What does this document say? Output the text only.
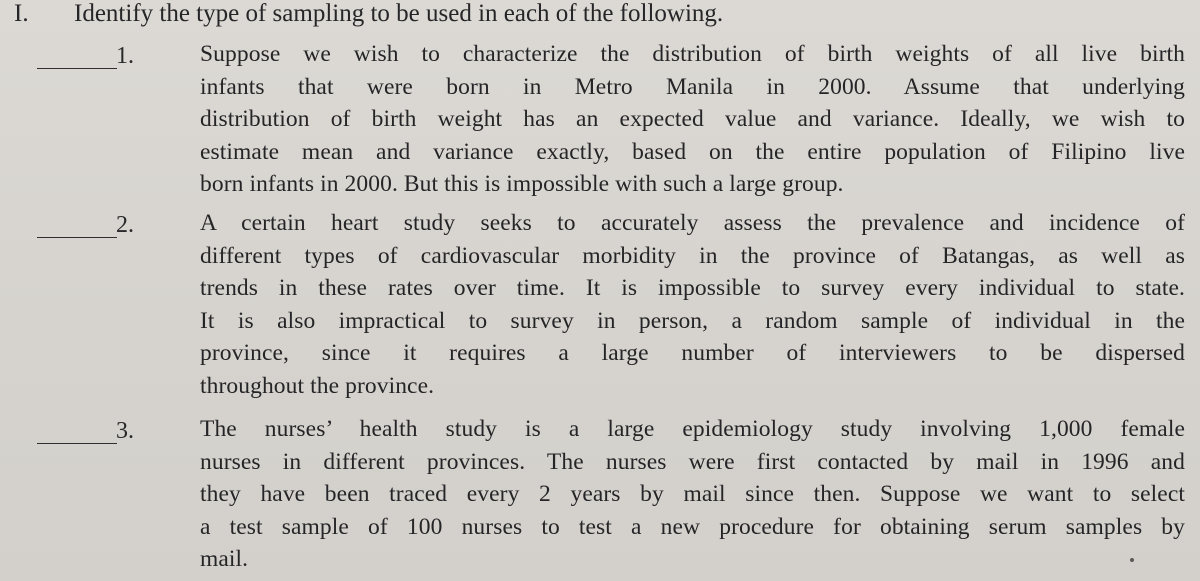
I. Identify the type of sampling to be used in each of the following.
1.	Suppose we wish to characterize the distribution of birth weights of all live birth
infants that were born in Metro Manila in 2000. Assume that underlying
distribution of birth weight has an expected value and variance. Ideally, we wish to
estimate mean and variance exactly, based on the entire population of Filipino live
born infants in 2000. But this is impossible with such a large group.
2.	A certain heart study seeks to accurately assess the prevalence and incidence of
different types of cardiovascular morbidity in the province of Batangas, as well as
trends in these rates over time. It is impossible to survey every individual to state.
It is also impractical to survey in person, a random sample of individual in the
province, since it requires a large number of interviewers to be dispersed
throughout the province.
3.	The nurses’ health study is a large epidemiology study involving 1,000 female
nurses in different provinces. The nurses were first contacted by mail in 1996 and
they have been traced every 2 years by mail since then. Suppose we want to select
a test sample of 100 nurses to test a new procedure for obtaining serum samples by
mail.
